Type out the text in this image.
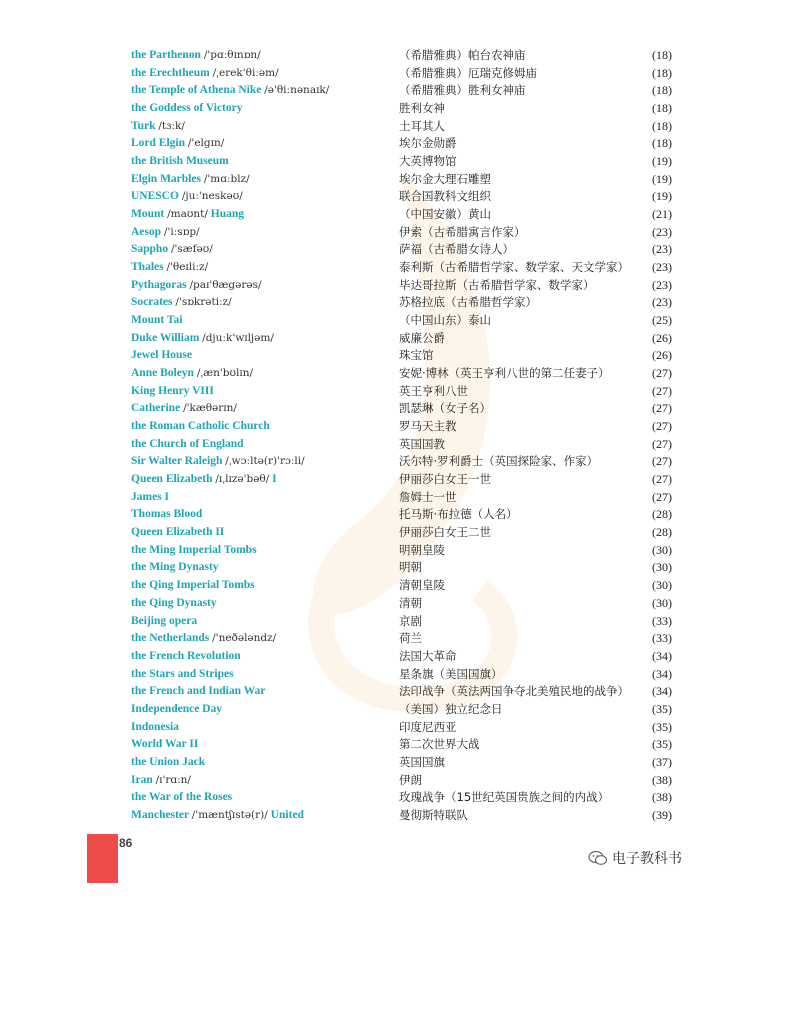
the Parthenon /'pɑːθɪnɒn/	（希腊雅典）帕台农神庙	(18)
the Erechtheum /ˌerek'θiːəm/	（希腊雅典）厄瑞克修姆庙	(18)
the Temple of Athena Nike /ə'θiːnənaɪk/	（希腊雅典）胜利女神庙	(18)
the Goddess of Victory	胜利女神	(18)
Turk /tɜːk/	土耳其人	(18)
Lord Elgin /'elgɪn/	埃尔金勋爵	(18)
the British Museum	大英博物馆	(19)
Elgin Marbles /'mɑːblz/	埃尔金大理石雕塑	(19)
UNESCO /juː'neskəʊ/	联合国教科文组织	(19)
Mount /maʊnt/ Huang	（中国安徽）黄山	(21)
Aesop /'iːsɒp/	伊索（古希腊寓言作家）	(23)
Sappho /'sæfəʊ/	萨福（古希腊女诗人）	(23)
Thales /'θeɪliːz/	泰利斯（古希腊哲学家、数学家、天文学家） (23)
Pythagoras /paɪ'θægərəs/	毕达哥拉斯（古希腊哲学家、数学家）	(23)
Socrates /'sɒkrətiːz/	苏格拉底（古希腊哲学家）	(23)
Mount Tai	（中国山东）泰山	(25)
Duke William /djuːk'wɪljəm/	威廉公爵	(26)
Jewel House	珠宝馆	(26)
Anne Boleyn /ˌæn'bʊlɪn/	安妮·博林（英王亨利八世的第二任妻子）	(27)
King Henry VIII	英王亨利八世	(27)
Catherine /'kæθərɪn/	凯瑟琳（女子名）	(27)
the Roman Catholic Church	罗马天主教	(27)
the Church of England	英国国教	(27)
Sir Walter Raleigh /ˌwɔːltə(r)'rɔːli/	沃尔特·罗利爵士（英国探险家、作家）	(27)
Queen Elizabeth /ɪˌlɪzə'bəθ/ I	伊丽莎白女王一世	(27)
James I	詹姆士一世	(27)
Thomas Blood	托马斯·布拉德（人名）	(28)
Queen Elizabeth II	伊丽莎白女王二世	(28)
the Ming Imperial Tombs	明朝皇陵	(30)
the Ming Dynasty	明朝	(30)
the Qing Imperial Tombs	清朝皇陵	(30)
the Qing Dynasty	清朝	(30)
Beijing opera	京剧	(33)
the Netherlands /'neðələndz/	荷兰	(33)
the French Revolution	法国大革命	(34)
the Stars and Stripes	星条旗（美国国旗）	(34)
the French and Indian War	法印战争（英法两国争夺北美殖民地的战争） (34)
Independence Day	（美国）独立纪念日	(35)
Indonesia	印度尼西亚	(35)
World War II	第二次世界大战	(35)
the Union Jack	英国国旗	(37)
Iran /ɪ'rɑːn/	伊朗	(38)
the War of the Roses	玫瑰战争（15世纪英国贵族之间的内战）	(38)
Manchester /'mæntʃɪstə(r)/ United	曼彻斯特联队	(39)
86
电子教科书
